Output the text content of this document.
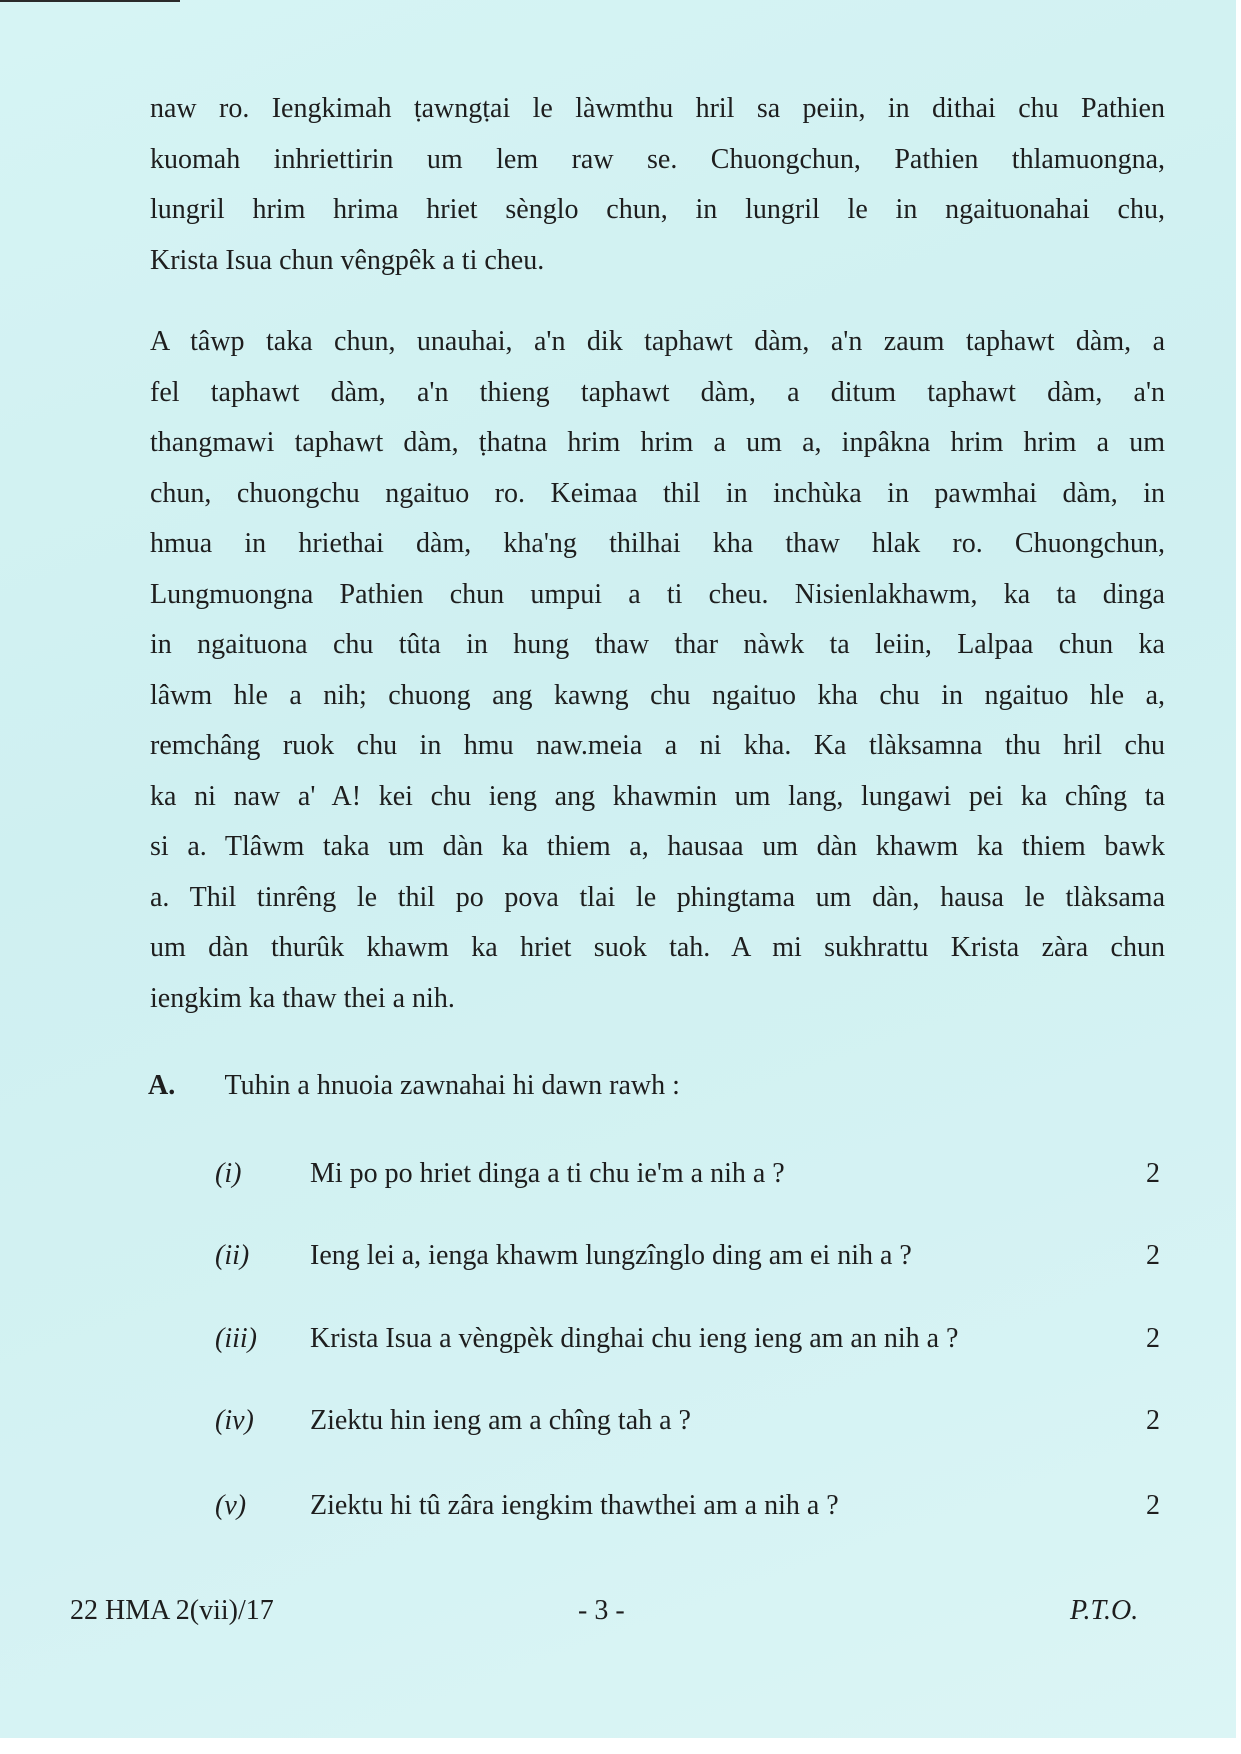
naw ro. Iengkimah ṭawngṭai le làwmthu hril sa peiin, in dithai chu Pathien
kuomah inhriettirin um lem raw se. Chuongchun, Pathien thlamuongna,
lungril hrim hrima hriet sènglo chun, in lungril le in ngaituonahai chu,
Krista Isua chun vêngpêk a ti cheu.
A tâwp taka chun, unauhai, a'n dik taphawt dàm, a'n zaum taphawt dàm, a
fel taphawt dàm, a'n thieng taphawt dàm, a ditum taphawt dàm, a'n
thangmawi taphawt dàm, ṭhatna hrim hrim a um a, inpâkna hrim hrim a um
chun, chuongchu ngaituo ro. Keimaa thil in inchùka in pawmhai dàm, in
hmua in hriethai dàm, kha'ng thilhai kha thaw hlak ro. Chuongchun,
Lungmuongna Pathien chun umpui a ti cheu. Nisienlakhawm, ka ta dinga
in ngaituona chu tûta in hung thaw thar nàwk ta leiin, Lalpaa chun ka
lâwm hle a nih; chuong ang kawng chu ngaituo kha chu in ngaituo hle a,
remchâng ruok chu in hmu naw.meia a ni kha. Ka tlàksamna thu hril chu
ka ni naw a' A! kei chu ieng ang khawmin um lang, lungawi pei ka chîng ta
si a. Tlâwm taka um dàn ka thiem a, hausaa um dàn khawm ka thiem bawk
a. Thil tinrêng le thil po pova tlai le phingtama um dàn, hausa le tlàksama
um dàn thurûk khawm ka hriet suok tah. A mi sukhrattu Krista zàra chun
iengkim ka thaw thei a nih.
A. Tuhin a hnuoia zawnahai hi dawn rawh :
(i) Mi po po hriet dinga a ti chu ie'm a nih a ?	2
(ii) Ieng lei a, ienga khawm lungzînglo ding am ei nih a ?	2
(iii) Krista Isua a vèngpèk dinghai chu ieng ieng am an nih a ?	2
(iv) Ziektu hin ieng am a chîng tah a ?	2
(v) Ziektu hi tû zâra iengkim thawthei am a nih a ?	2
22 HMA 2(vii)/17	- 3 -	P.T.O.
